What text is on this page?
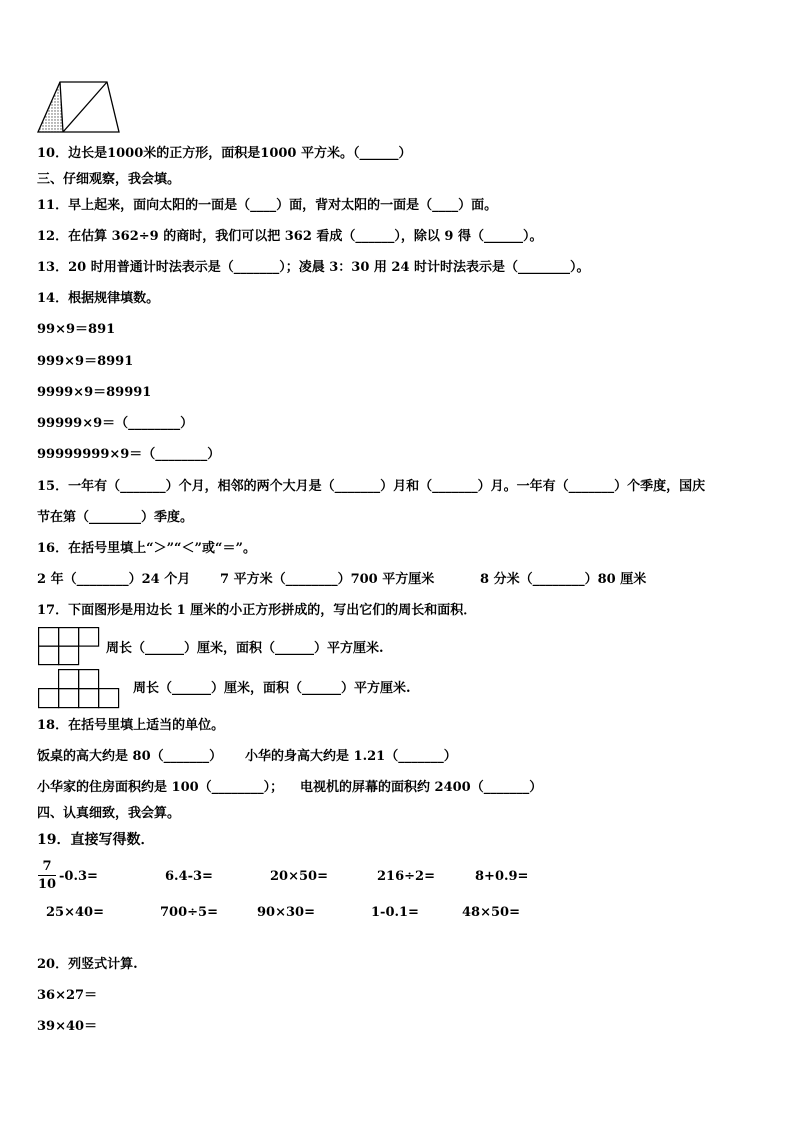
10．边长是1000米的正方形，面积是1000 平方米。（______）
三、仔细观察，我会填。
11．早上起来，面向太阳的一面是（____）面，背对太阳的一面是（____）面。
12．在估算 362÷9 的商时，我们可以把 362 看成（______），除以 9 得（______）。
13．20 时用普通计时法表示是（_______）；凌晨 3：30 用 24 时计时法表示是（________）。
14．根据规律填数。
99×9＝891
999×9＝8991
9999×9＝89991
99999×9＝（________）
99999999×9＝（________）
15．一年有（_______）个月，相邻的两个大月是（_______）月和（_______）月。一年有（_______）个季度，国庆
节在第（________）季度。
16．在括号里填上“＞”“＜”或“＝”。
2 年（________）24 个月 7 平方米（________）700 平方厘米	8 分米（________）80 厘米
17．下面图形是用边长 1 厘米的小正方形拼成的，写出它们的周长和面积．
周长（______）厘米，面积（______）平方厘米.
周长（______）厘米，面积（______）平方厘米.
18．在括号里填上适当的单位。
饭桌的高大约是 80（_______） 小华的身高大约是 1.21（_______）
小华家的住房面积约是 100（________）； 电视机的屏幕的面积约 2400（_______）
四、认真细致，我会算。
19．直接写得数．
7
10
-0.3=	6.4-3=	20×50=	216÷2=	8+0.9=
25×40=	700÷5=	90×30=	1-0.1=	48×50=
20．列竖式计算.
36×27＝
39×40＝
